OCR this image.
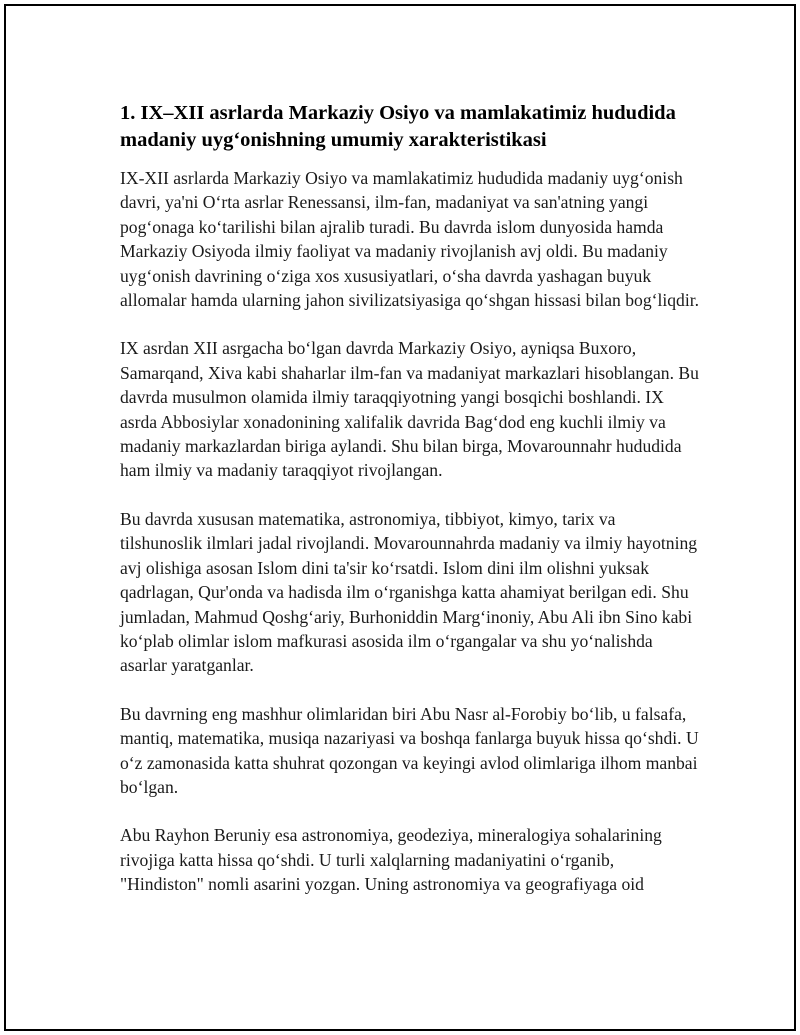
1. IX–XII asrlarda Markaziy Osiyo va mamlakatimiz hududida madaniy uyg‘onishning umumiy xarakteristikasi

IX-XII asrlarda Markaziy Osiyo va mamlakatimiz hududida madaniy uyg‘onish davri, ya'ni O‘rta asrlar Renessansi, ilm-fan, madaniyat va san'atning yangi pog‘onaga ko‘tarilishi bilan ajralib turadi. Bu davrda islom dunyosida hamda Markaziy Osiyoda ilmiy faoliyat va madaniy rivojlanish avj oldi. Bu madaniy uyg‘onish davrining o‘ziga xos xususiyatlari, o‘sha davrda yashagan buyuk allomalar hamda ularning jahon sivilizatsiyasiga qo‘shgan hissasi bilan bog‘liqdir.

IX asrdan XII asrgacha bo‘lgan davrda Markaziy Osiyo, ayniqsa Buxoro, Samarqand, Xiva kabi shaharlar ilm-fan va madaniyat markazlari hisoblangan. Bu davrda musulmon olamida ilmiy taraqqiyotning yangi bosqichi boshlandi. IX asrda Abbosiylar xonadonining xalifalik davrida Bag‘dod eng kuchli ilmiy va madaniy markazlardan biriga aylandi. Shu bilan birga, Movarounnahr hududida ham ilmiy va madaniy taraqqiyot rivojlangan.

Bu davrda xususan matematika, astronomiya, tibbiyot, kimyo, tarix va tilshunoslik ilmlari jadal rivojlandi. Movarounnahrda madaniy va ilmiy hayotning avj olishiga asosan Islom dini ta'sir ko‘rsatdi. Islom dini ilm olishni yuksak qadrlagan, Qur'onda va hadisda ilm o‘rganishga katta ahamiyat berilgan edi. Shu jumladan, Mahmud Qoshg‘ariy, Burhoniddin Marg‘inoniy, Abu Ali ibn Sino kabi ko‘plab olimlar islom mafkurasi asosida ilm o‘rgangalar va shu yo‘nalishda asarlar yaratganlar.

Bu davrning eng mashhur olimlaridan biri Abu Nasr al-Forobiy bo‘lib, u falsafa, mantiq, matematika, musiqa nazariyasi va boshqa fanlarga buyuk hissa qo‘shdi. U o‘z zamonasida katta shuhrat qozongan va keyingi avlod olimlariga ilhom manbai bo‘lgan.

Abu Rayhon Beruniy esa astronomiya, geodeziya, mineralogiya sohalarining rivojiga katta hissa qo‘shdi. U turli xalqlarning madaniyatini o‘rganib, "Hindiston" nomli asarini yozgan. Uning astronomiya va geografiyaga oid
